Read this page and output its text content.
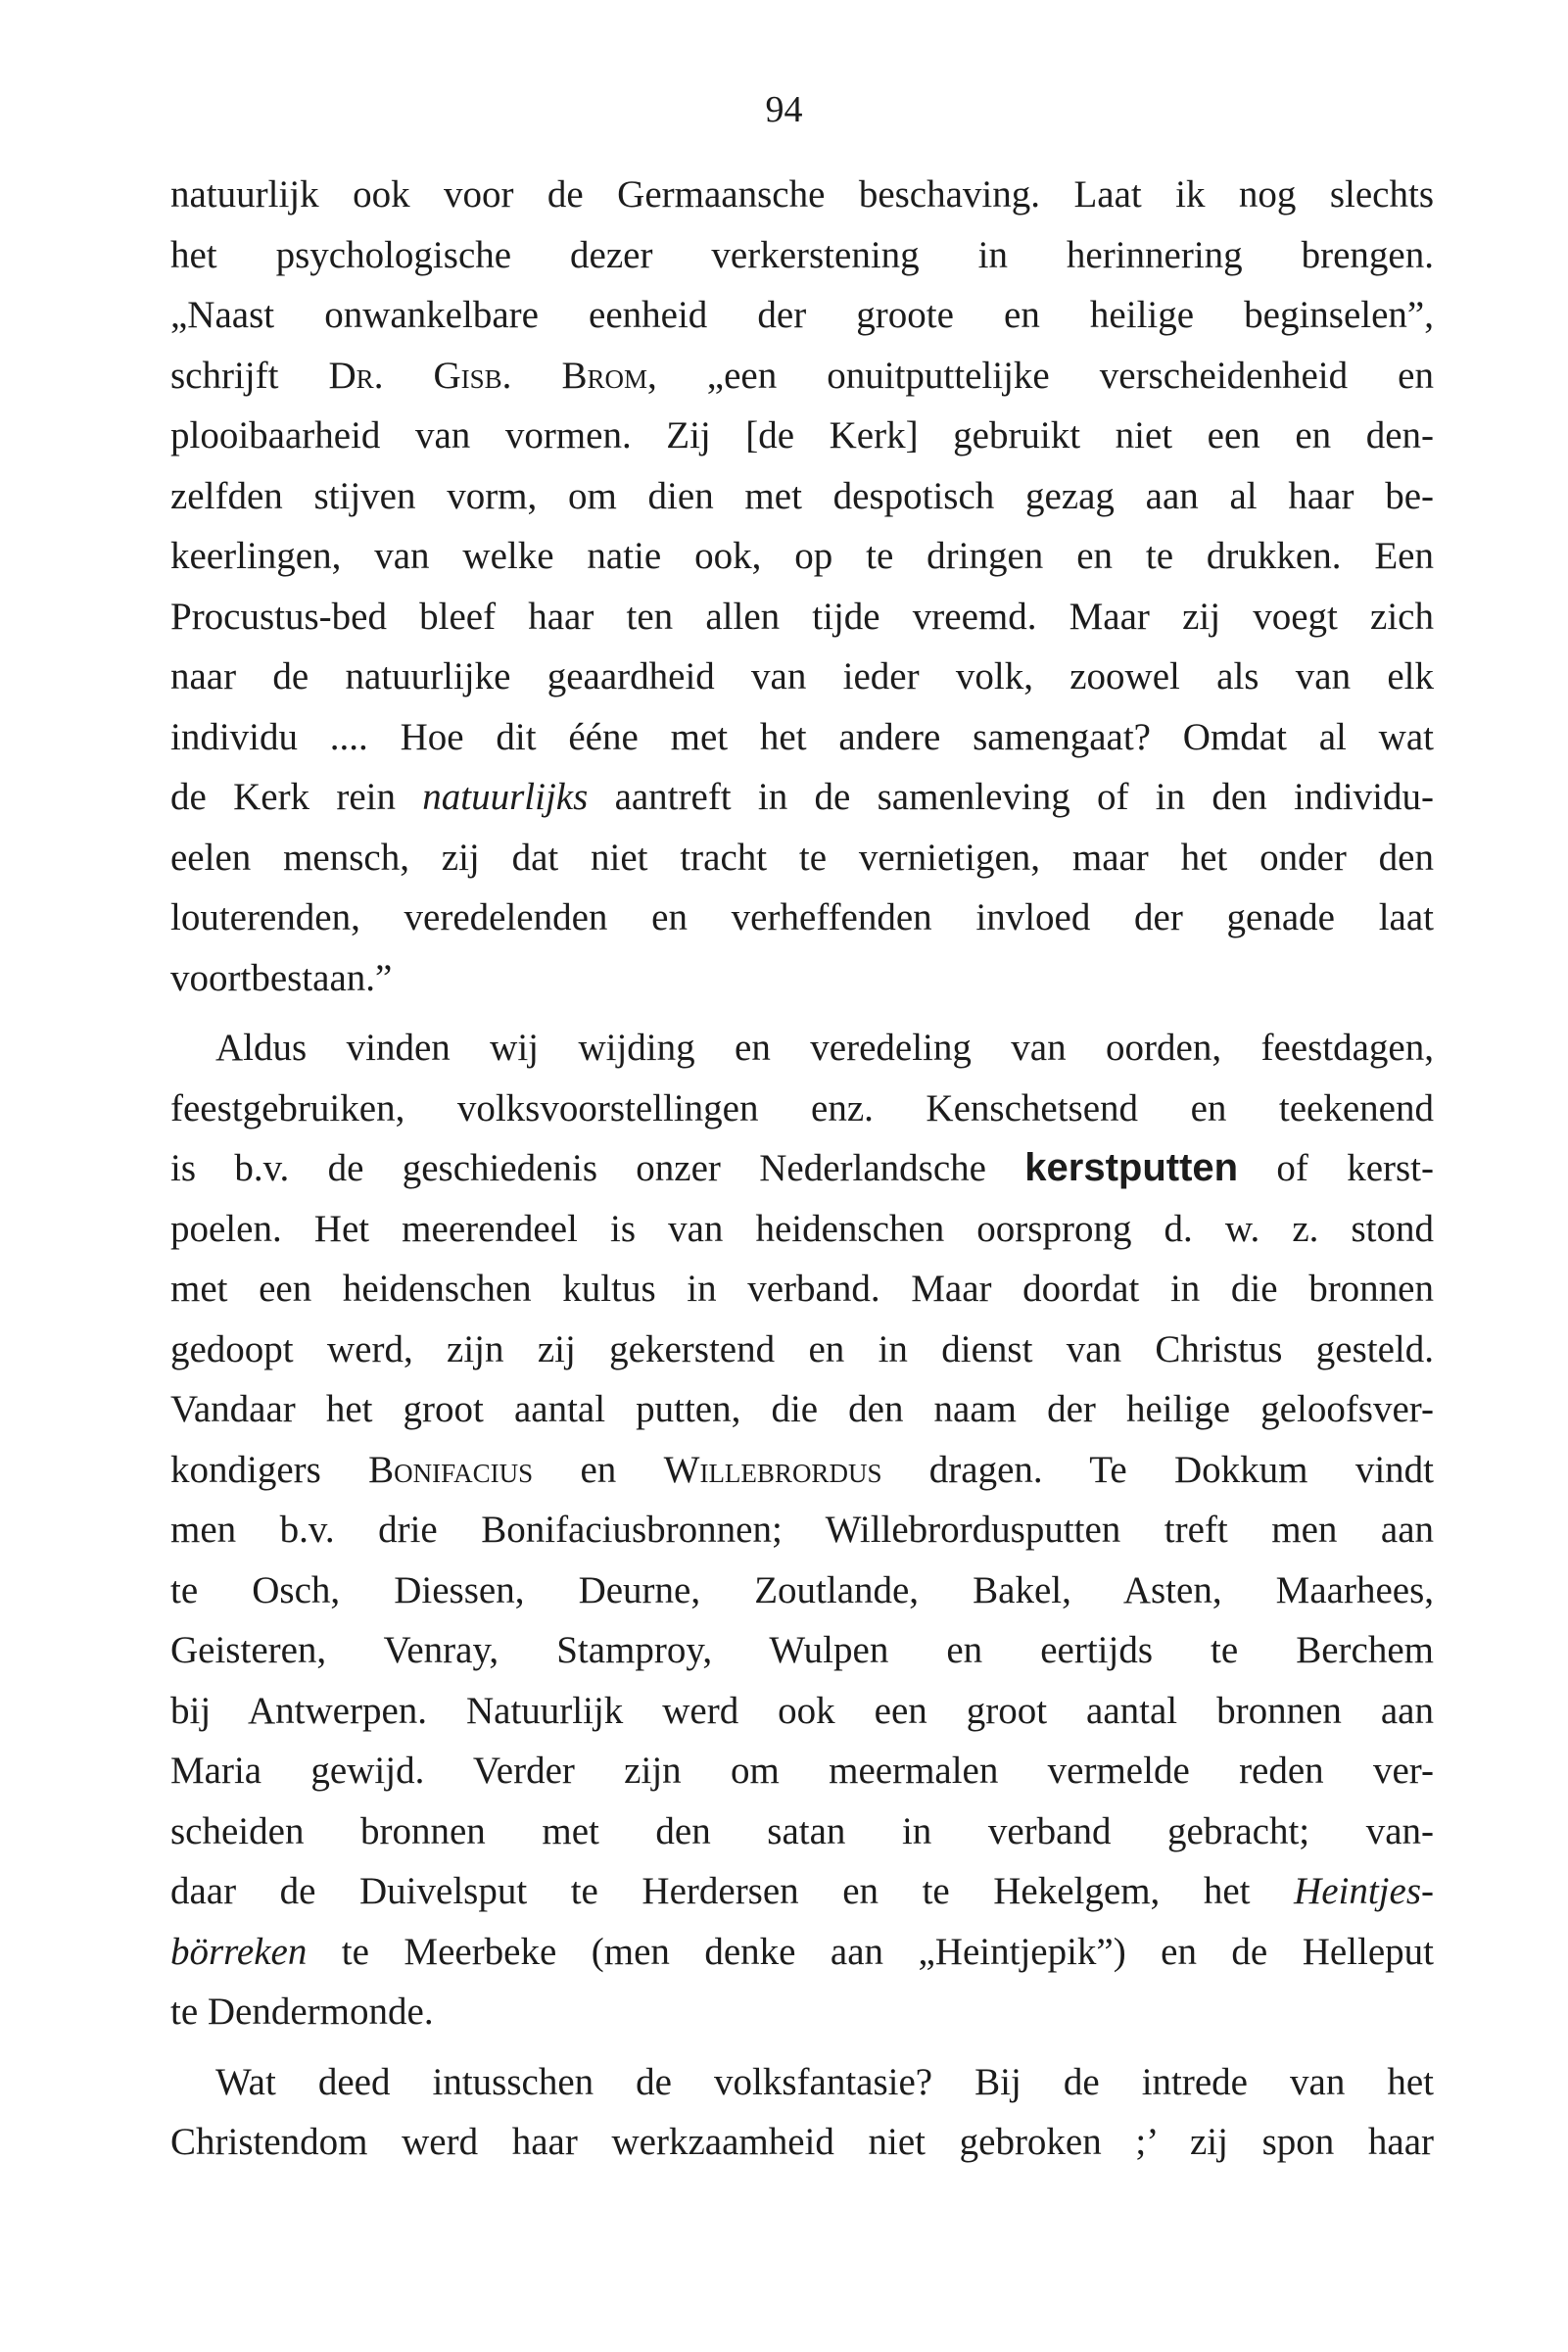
94
natuurlijk ook voor de Germaansche beschaving. Laat ik nog slechts
het psychologische dezer verkerstening in herinnering brengen.
„Naast onwankelbare eenheid der groote en heilige beginselen”,
schrijft Dr. Gisb. Brom, „een onuitputtelijke verscheidenheid en
plooibaarheid van vormen. Zij [de Kerk] gebruikt niet een en den-
zelfden stijven vorm, om dien met despotisch gezag aan al haar be-
keerlingen, van welke natie ook, op te dringen en te drukken. Een
Procustus-bed bleef haar ten allen tijde vreemd. Maar zij voegt zich
naar de natuurlijke geaardheid van ieder volk, zoowel als van elk
individu .... Hoe dit ééne met het andere samengaat? Omdat al wat
de Kerk rein natuurlijks aantreft in de samenleving of in den individu-
eelen mensch, zij dat niet tracht te vernietigen, maar het onder den
louterenden, veredelenden en verheffenden invloed der genade laat
voortbestaan.”
Aldus vinden wij wijding en veredeling van oorden, feestdagen,
feestgebruiken, volksvoorstellingen enz. Kenschetsend en teekenend
is b.v. de geschiedenis onzer Nederlandsche kerstputten of kerst-
poelen. Het meerendeel is van heidenschen oorsprong d. w. z. stond
met een heidenschen kultus in verband. Maar doordat in die bronnen
gedoopt werd, zijn zij gekerstend en in dienst van Christus gesteld.
Vandaar het groot aantal putten, die den naam der heilige geloofsver-
kondigers Bonifacius en Willebrordus dragen. Te Dokkum vindt
men b.v. drie Bonifaciusbronnen; Willebrordusputten treft men aan
te Osch, Diessen, Deurne, Zoutlande, Bakel, Asten, Maarhees,
Geisteren, Venray, Stamproy, Wulpen en eertijds te Berchem
bij Antwerpen. Natuurlijk werd ook een groot aantal bronnen aan
Maria gewijd. Verder zijn om meermalen vermelde reden ver-
scheiden bronnen met den satan in verband gebracht; van-
daar de Duivelsput te Herdersen en te Hekelgem, het Heintjes-
börreken te Meerbeke (men denke aan „Heintjepik”) en de Helleput
te Dendermonde.
Wat deed intusschen de volksfantasie? Bij de intrede van het
Christendom werd haar werkzaamheid niet gebroken ;’ zij spon haar
